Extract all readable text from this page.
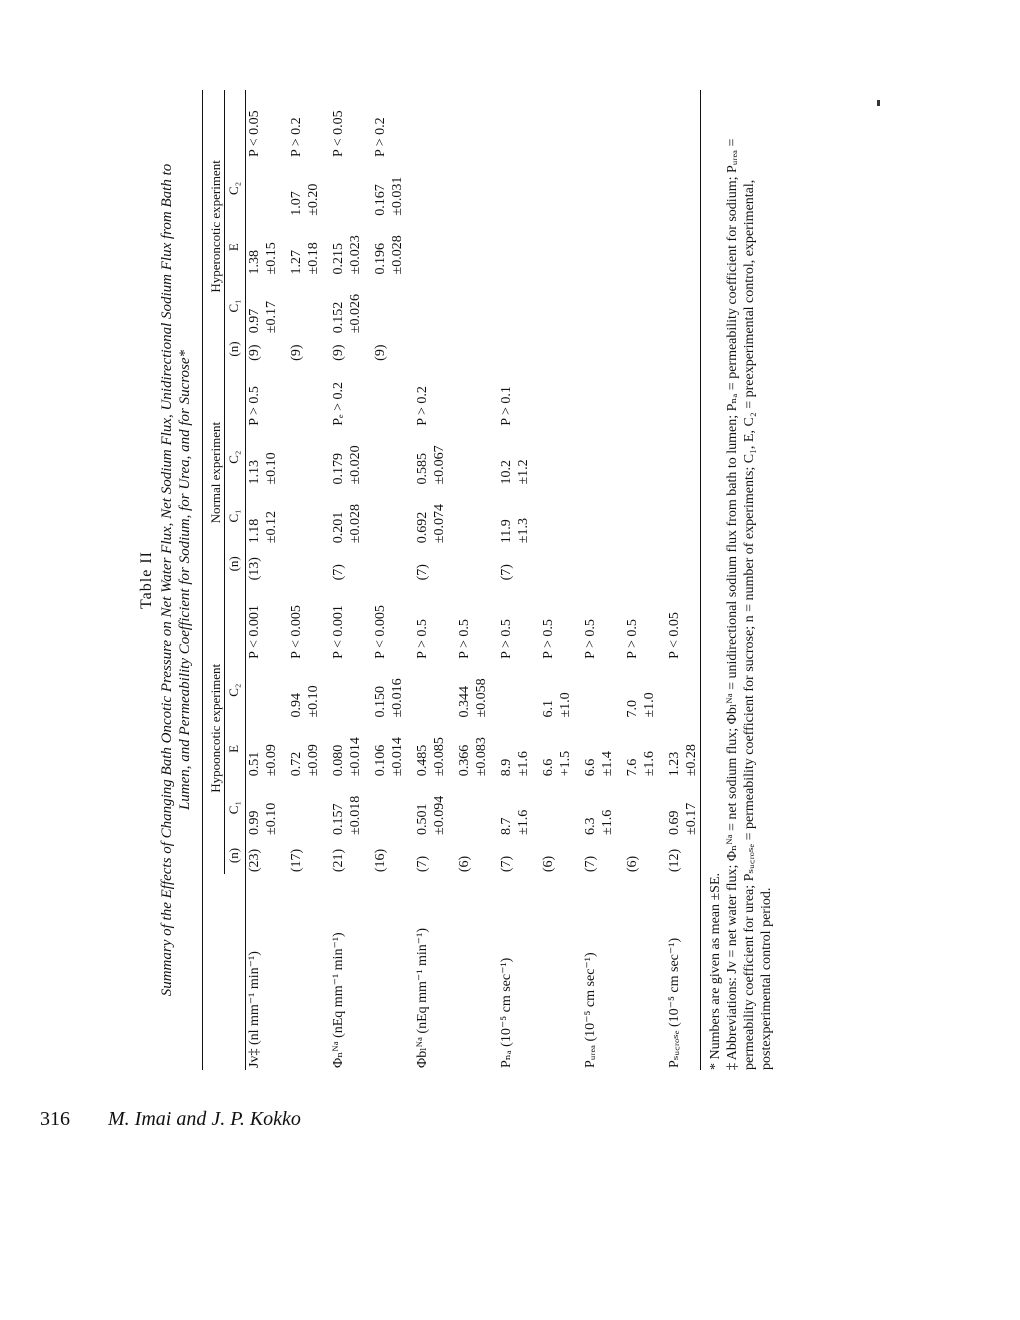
316 M. Imai and J. P. Kokko
Table II Summary of the Effects of Changing Bath Oncotic Pressure on Net Water Flux, Net Sodium Flux, Unidirectional Sodium Flux from Bath to Lumen, and Permeability Coefficient for Sodium, for Urea, and for Sucrose*
	Hypooncotic experiment					Normal experiment				Hyperoncotic experiment				
	(n)	C₁	E	C₂		(n)	C₁	C₂		(n)	C₁	E	C₂	
Jv‡ (nl mm⁻¹ min⁻¹)	(23)	0.99	0.51		P < 0.001	(13)	1.18	1.13	P > 0.5	(9)	0.97	1.38		P < 0.05
		±0.10	±0.09				±0.12	±0.10			±0.17	±0.15		
	(17)		0.72	0.94	P < 0.005					(9)		1.27	1.07	P > 0.2
			±0.09	±0.10								±0.18	±0.20	
Φₙᴺᵃ (nEq mm⁻¹ min⁻¹)	(21)	0.157	0.080		P < 0.001	(7)	0.201	0.179	Pₑ > 0.2	(9)	0.152	0.215		P < 0.05
		±0.018	±0.014				±0.028	±0.020			±0.026	±0.023		
	(16)		0.106	0.150	P < 0.005					(9)		0.196	0.167	P > 0.2
			±0.014	±0.016								±0.028	±0.031	
Φbₗᴺᵃ (nEq mm⁻¹ min⁻¹)	(7)	0.501	0.485		P > 0.5	(7)	0.692	0.585	P > 0.2					
		±0.094	±0.085				±0.074	±0.067						
	(6)		0.366	0.344	P > 0.5									
			±0.083	±0.058										
Pₙₐ (10⁻⁵ cm sec⁻¹)	(7)	8.7	8.9		P > 0.5	(7)	11.9	10.2	P > 0.1					
		±1.6	±1.6				±1.3	±1.2						
	(6)		6.6	6.1	P > 0.5									
			+1.5	±1.0										
Pᵤᵣₑₐ (10⁻⁵ cm sec⁻¹)	(7)	6.3	6.6		P > 0.5									
		±1.6	±1.4											
	(6)		7.6	7.0	P > 0.5									
			±1.6	±1.0										
Pₛᵤ꜀ᵣₒₛₑ (10⁻⁵ cm sec⁻¹)	(12)	0.69	1.23		P < 0.05									
		±0.17	±0.28											

* Numbers are given as mean ±SE. ‡ Abbreviations: Jv = net water flux; Φₙᴺᵃ = net sodium flux; Φbₗᴺᵃ = unidirectional sodium flux from bath to lumen; Pₙₐ = permeability coefficient for sodium; Pᵤᵣₑₐ = permeability coefficient for urea; Pₛᵤ꜀ᵣₒₛₑ = permeability coefficient for sucrose; n = number of experiments; C₁, E, C₂ = preexperimental control, experimental, postexperimental control period.
